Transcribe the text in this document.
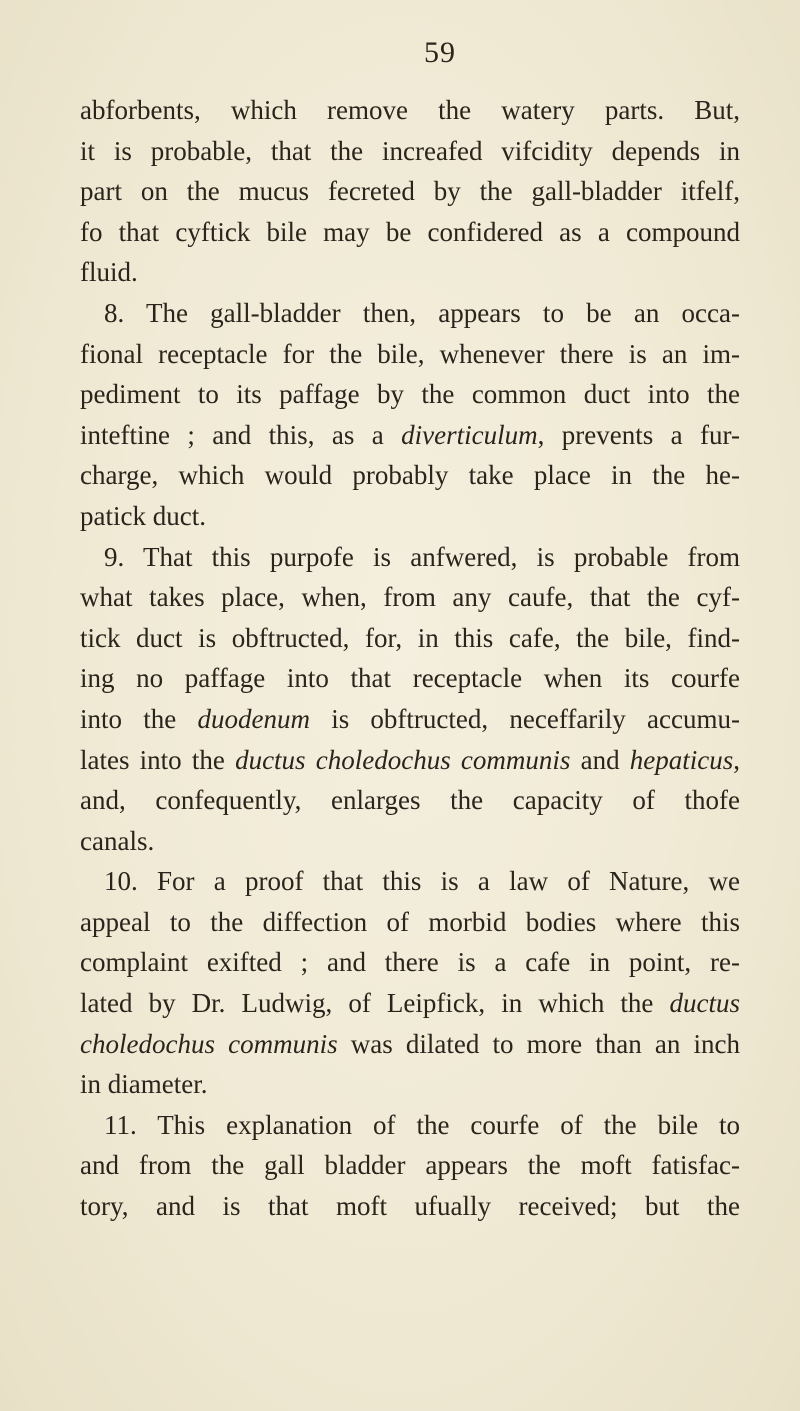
59
abforbents, which remove the watery parts. But,
it is probable, that the increafed vifcidity depends in
part on the mucus fecreted by the gall-bladder itfelf,
fo that cyftick bile may be confidered as a compound
fluid.
8. The gall-bladder then, appears to be an occa-
fional receptacle for the bile, whenever there is an im-
pediment to its paffage by the common duct into the
inteftine ; and this, as a diverticulum, prevents a fur-
charge, which would probably take place in the he-
patick duct.
9. That this purpofe is anfwered, is probable from
what takes place, when, from any caufe, that the cyf-
tick duct is obftructed, for, in this cafe, the bile, find-
ing no paffage into that receptacle when its courfe
into the duodenum is obftructed, neceffarily accumu-
lates into the ductus choledochus communis and hepaticus,
and, confequently, enlarges the capacity of thofe
canals.
10. For a proof that this is a law of Nature, we
appeal to the diffection of morbid bodies where this
complaint exifted ; and there is a cafe in point, re-
lated by Dr. Ludwig, of Leipfick, in which the ductus
choledochus communis was dilated to more than an inch
in diameter.
11. This explanation of the courfe of the bile to
and from the gall bladder appears the moft fatisfac-
tory, and is that moft ufually received; but the
